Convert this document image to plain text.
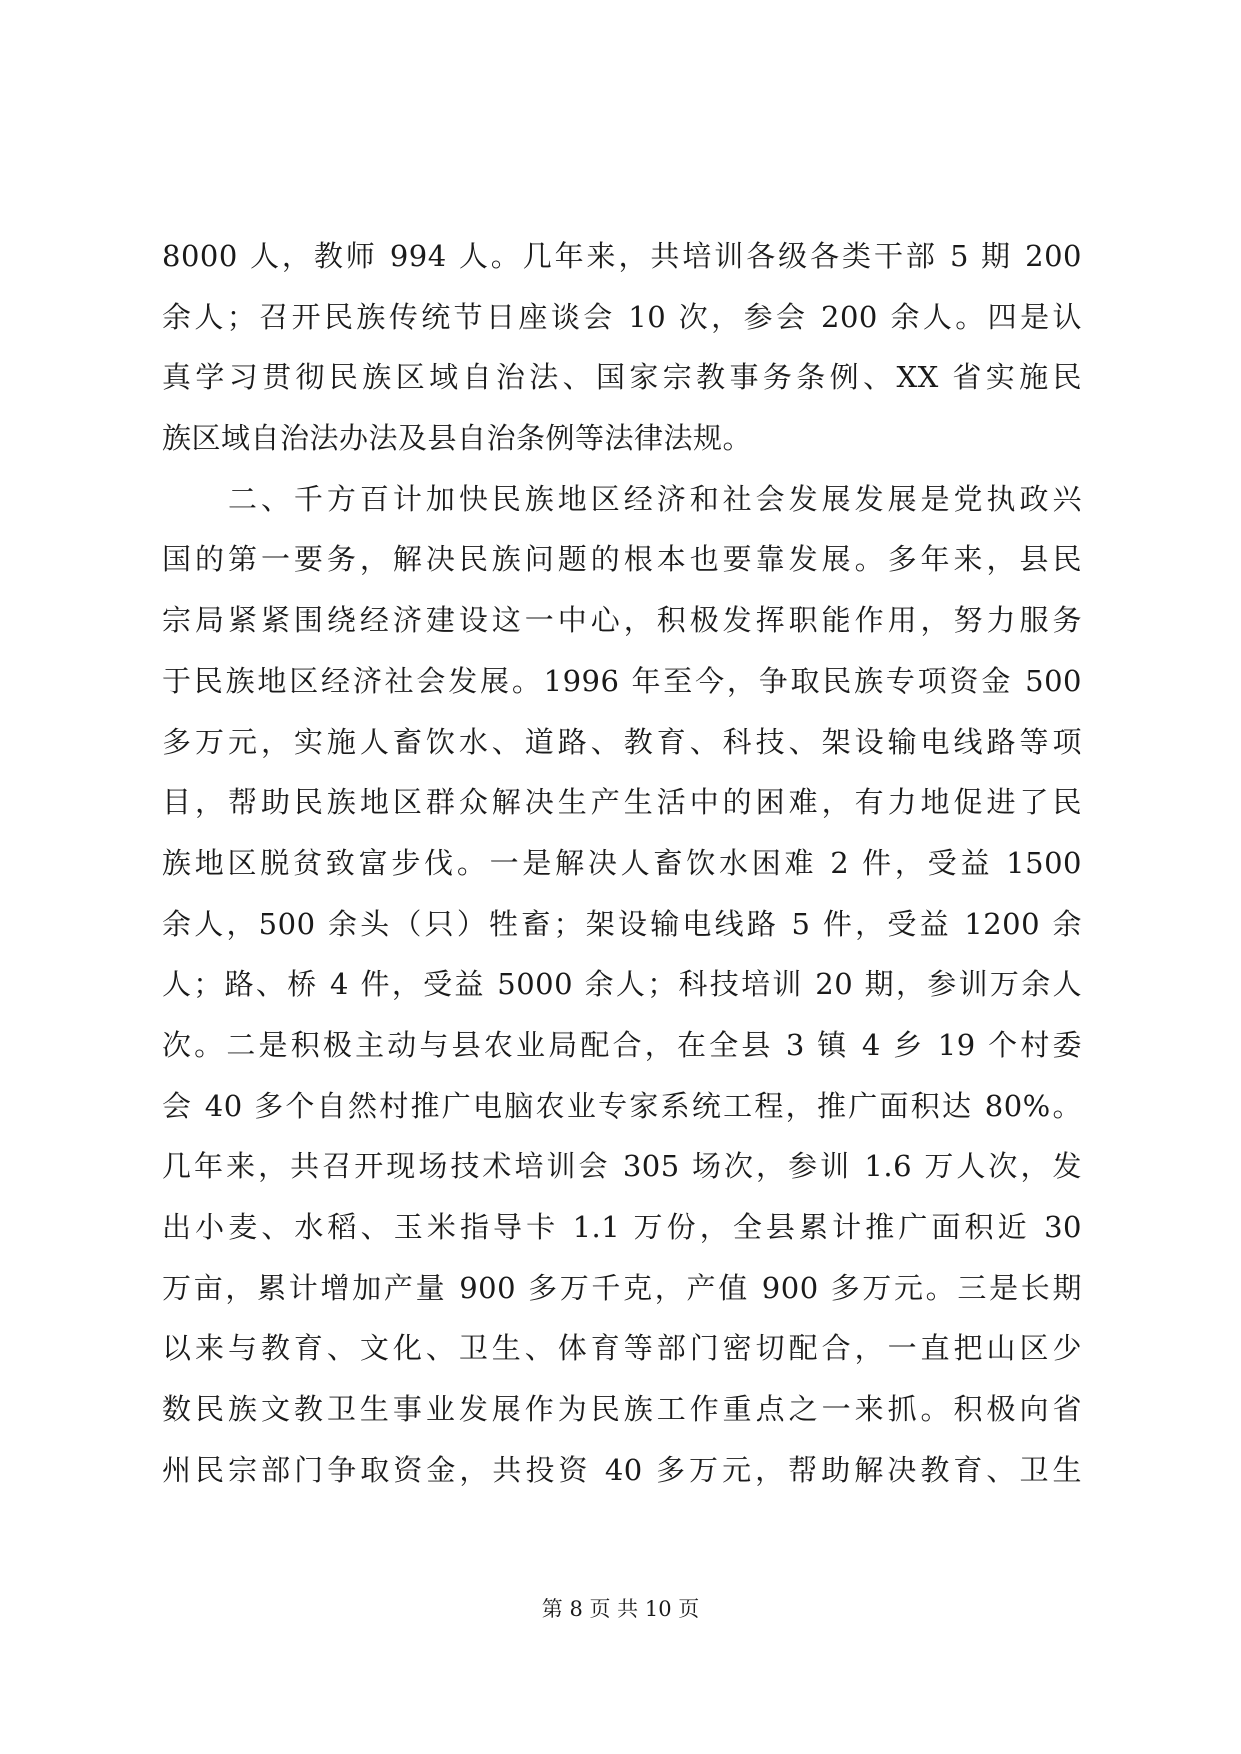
8000 人，教师 994 人。几年来，共培训各级各类干部 5 期 200
余人；召开民族传统节日座谈会 10 次，参会 200 余人。四是认
真学习贯彻民族区域自治法、国家宗教事务条例、XX 省实施民
族区域自治法办法及县自治条例等法律法规。
　　二、千方百计加快民族地区经济和社会发展发展是党执政兴
国的第一要务，解决民族问题的根本也要靠发展。多年来，县民
宗局紧紧围绕经济建设这一中心，积极发挥职能作用，努力服务
于民族地区经济社会发展。1996 年至今，争取民族专项资金 500
多万元，实施人畜饮水、道路、教育、科技、架设输电线路等项
目，帮助民族地区群众解决生产生活中的困难，有力地促进了民
族地区脱贫致富步伐。一是解决人畜饮水困难 2 件，受益 1500
余人，500 余头（只）牲畜；架设输电线路 5 件，受益 1200 余
人；路、桥 4 件，受益 5000 余人；科技培训 20 期，参训万余人
次。二是积极主动与县农业局配合，在全县 3 镇 4 乡 19 个村委
会 40 多个自然村推广电脑农业专家系统工程，推广面积达 80%。
几年来，共召开现场技术培训会 305 场次，参训 1.6 万人次，发
出小麦、水稻、玉米指导卡 1.1 万份，全县累计推广面积近 30
万亩，累计增加产量 900 多万千克，产值 900 多万元。三是长期
以来与教育、文化、卫生、体育等部门密切配合，一直把山区少
数民族文教卫生事业发展作为民族工作重点之一来抓。积极向省
州民宗部门争取资金，共投资 40 多万元，帮助解决教育、卫生
第 8 页 共 10 页
